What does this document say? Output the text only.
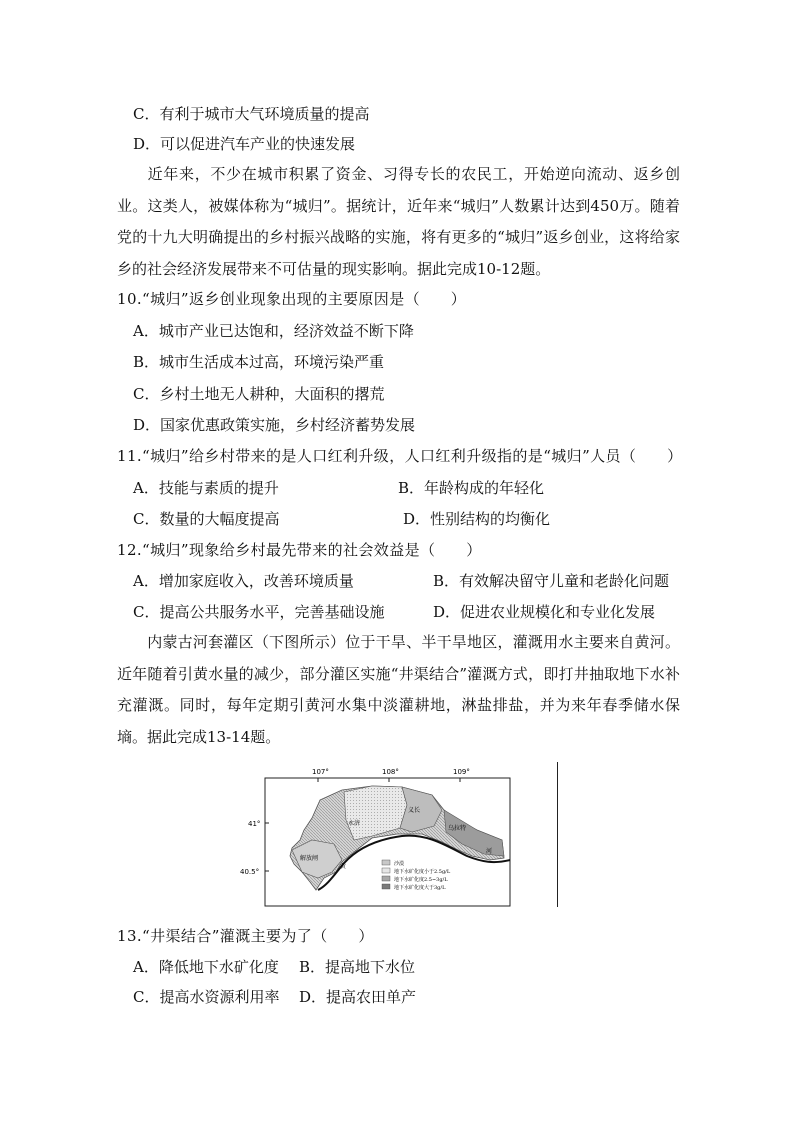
C．有利于城市大气环境质量的提高
D．可以促进汽车产业的快速发展
近年来，不少在城市积累了资金、习得专长的农民工，开始逆向流动、返乡创业。这类人，被媒体称为“城归”。据统计，近年来“城归”人数累计达到450万。随着党的十九大明确提出的乡村振兴战略的实施，将有更多的“城归”返乡创业，这将给家乡的社会经济发展带来不可估量的现实影响。据此完成10-12题。
10.“城归”返乡创业现象出现的主要原因是（　　）
A．城市产业已达饱和，经济效益不断下降
B．城市生活成本过高，环境污染严重
C．乡村土地无人耕种，大面积的撂荒
D．国家优惠政策实施，乡村经济蓄势发展
11.“城归”给乡村带来的是人口红利升级，人口红利升级指的是“城归”人员（　　）
A．技能与素质的提升	B．年龄构成的年轻化
C．数量的大幅度提高	D．性别结构的均衡化
12.“城归”现象给乡村最先带来的社会效益是（　　）
A．增加家庭收入，改善环境质量	B．有效解决留守儿童和老龄化问题
C．提高公共服务水平，完善基础设施	D．促进农业规模化和专业化发展
内蒙古河套灌区（下图所示）位于干旱、半干旱地区，灌溉用水主要来自黄河。近年随着引黄水量的减少，部分灌区实施“井渠结合”灌溉方式，即打井抽取地下水补充灌溉。同时，每年定期引黄河水集中淡灌耕地，淋盐排盐，并为来年春季储水保墒。据此完成13-14题。
107°	108°	109°
41°
40.5°
永济
义长
乌拉特
解放闸
黄
河
沙漠
地下水矿化度小于2.5g/L
地下水矿化度2.5~3g/L
地下水矿化度大于3g/L
13.“井渠结合”灌溉主要为了（　　）
A．降低地下水矿化度 B．提高地下水位
C．提高水资源利用率 D．提高农田单产
